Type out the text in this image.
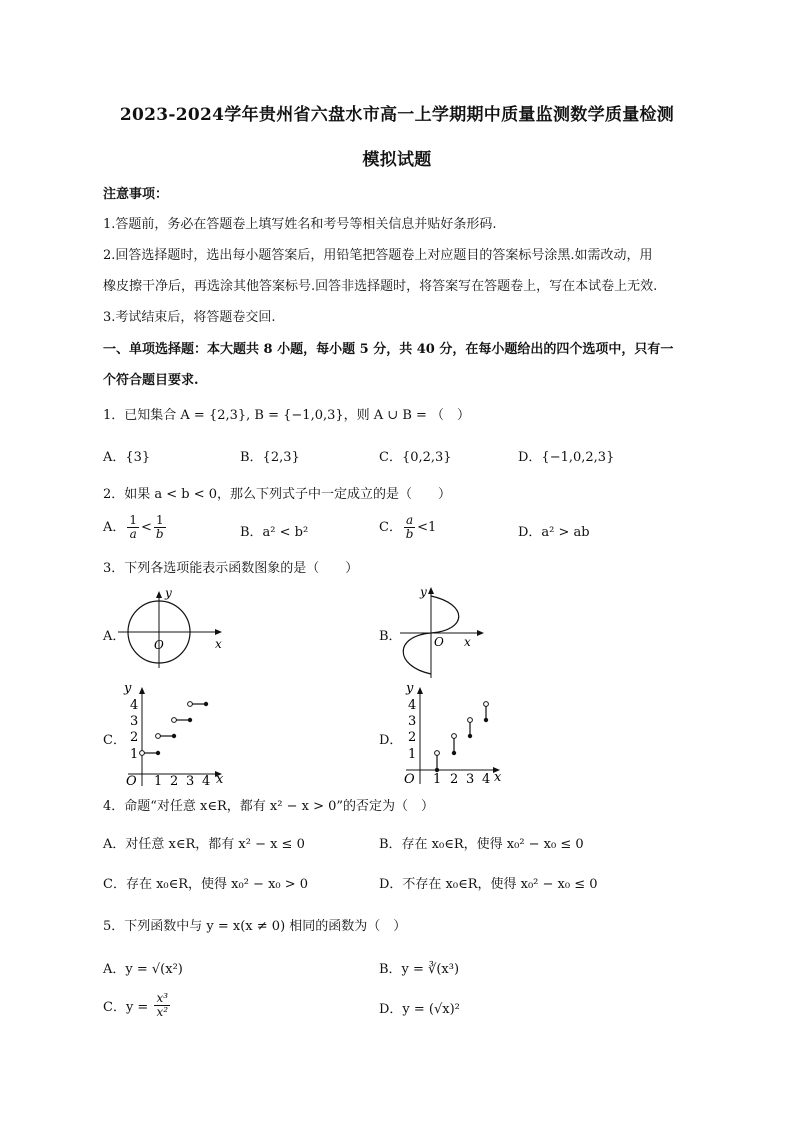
2023-2024学年贵州省六盘水市高一上学期期中质量监测数学质量检测
模拟试题
注意事项：
1.答题前，务必在答题卷上填写姓名和考号等相关信息并贴好条形码.
2.回答选择题时，选出每小题答案后，用铅笔把答题卷上对应题目的答案标号涂黑.如需改动，用
橡皮擦干净后，再选涂其他答案标号.回答非选择题时，将答案写在答题卷上，写在本试卷上无效.
3.考试结束后，将答题卷交回.
一、单项选择题：本大题共 8 小题，每小题 5 分，共 40 分，在每小题给出的四个选项中，只有一
个符合题目要求.
1．已知集合 A = {2,3}, B = {−1,0,3}，则 A ∪ B = （　）
A．{3}	B．{2,3}	C．{0,2,3}	D．{−1,0,2,3}
2．如果 a < b < 0，那么下列式子中一定成立的是（　　）
A． $\frac{1}{a} < \frac{1}{b}$	B．a² < b²	C． $\frac{a}{b} <1$	D．a² > ab
3．下列各选项能表示函数图象的是（　　）
A．
y
x
O
B．
y
x
O
C．
y
x
O 1 2 3 4
1
2
3
4
D．
y
x
O 1 2 3 4
1
2
3
4
4．命题“对任意 x∈R，都有 x² − x > 0”的否定为（　）
A．对任意 x∈R，都有 x² − x ≤ 0	B．存在 x₀∈R，使得 x₀² − x₀ ≤ 0
C．存在 x₀∈R，使得 x₀² − x₀ > 0	D．不存在 x₀∈R，使得 x₀² − x₀ ≤ 0
5．下列函数中与 y = x(x ≠ 0) 相同的函数为（　）
A．y = √(x²)	B．y = ∛(x³)
C．$y = \frac{\text{x³}}{\text{x²}}$	D．y = (√x)²
